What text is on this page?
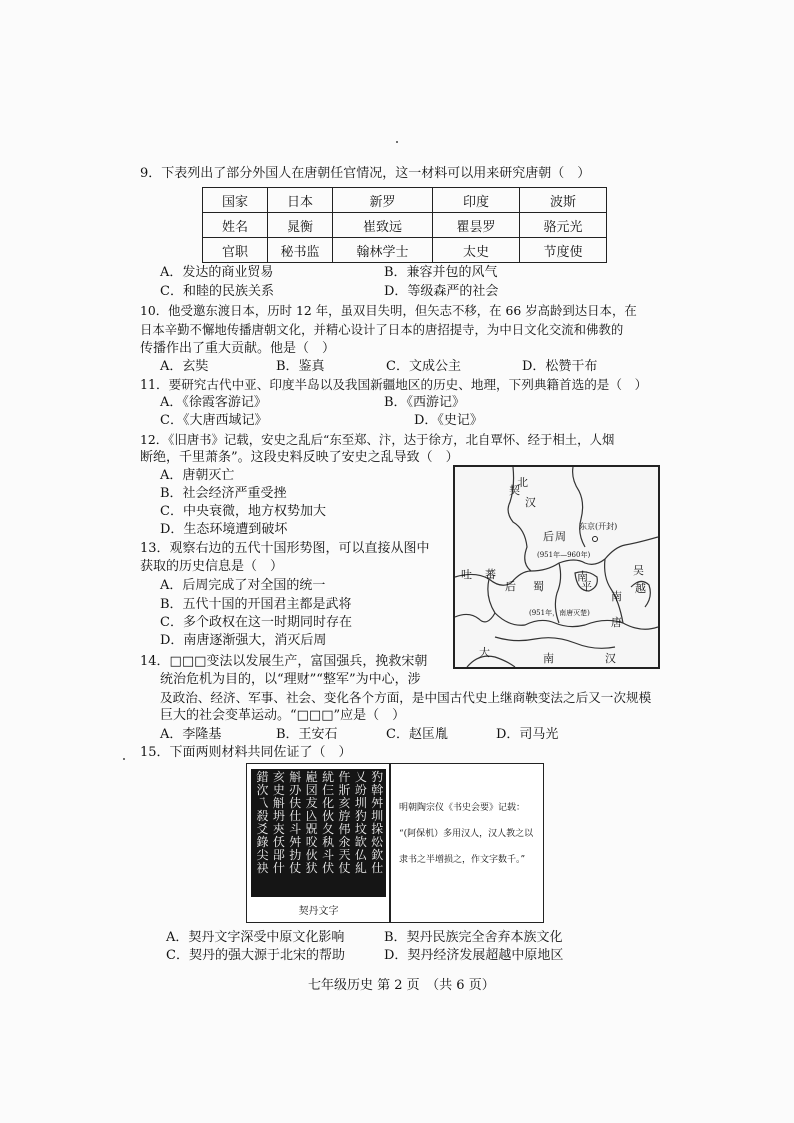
9．下表列出了部分外国人在唐朝任官情况，这一材料可以用来研究唐朝（　）
国家	日本	新罗	印度	波斯
姓名	晁衡	崔致远	瞿昙罗	骆元光
官职	秘书监	翰林学士	太史	节度使
A．发达的商业贸易	B．兼容并包的风气
C．和睦的民族关系	D．等级森严的社会
10．他受邀东渡日本，历时 12 年，虽双目失明，但矢志不移，在 66 岁高龄到达日本，在
日本辛勤不懈地传播唐朝文化，并精心设计了日本的唐招提寺，为中日文化交流和佛教的
传播作出了重大贡献。他是（　）
A．玄奘	B．鉴真	C．文成公主	D．松赞干布
11．要研究古代中亚、印度半岛以及我国新疆地区的历史、地理，下列典籍首选的是（　）
A．《徐霞客游记》	B．《西游记》
C．《大唐西域记》	D．《史记》
12．《旧唐书》记载，安史之乱后“东至郑、汴，达于徐方，北自覃怀、经于相土，人烟
断绝，千里萧条”。这段史料反映了安史之乱导致（　）
A．唐朝灭亡
B．社会经济严重受挫
C．中央衰微，地方权势加大
D．生态环境遭到破坏
13．观察右边的五代十国形势图，可以直接从图中
获取的历史信息是（　）
A．后周完成了对全国的统一
B．五代十国的开国君主都是武将
C．多个政权在这一时期同时存在
D．南唐逐渐强大，消灭后周
北
汉
契
东京(开封)
后 周
(951年—960年)
吐 蕃
后 蜀
南
平
吴
越
南
唐
(951年，南唐灭楚)
大	南	汉
14．□□□变法以发展生产，富国强兵，挽救宋朝
统治危机为目的，以“理财”“整军”为中心，涉
及政治、经济、军事、社会、变化各个方面，是中国古代史上继商鞅变法之后又一次规模
巨大的社会变革运动。“□□□”应是（　）
A．李隆基	B．王安石	C．赵匡胤	D．司马光
15．下面两则材料共同佐证了（　）
錯㳄乁殺爻錄尖袂
亥史斛坍㚒仸郘什
斛刅伕仕斗舛扐仗
嶏㘝犮兦㒭㕮伙犾
紌仨化伙夂秇斗伏
仵斨亥斿伄氽兲仗
乂竕圳犳坟缼仏糺
犳斡舛圳挆炂欽仕
契丹文字
明朝陶宗仪《书史会要》记载：
“(阿保机）多用汉人，汉人教之以
隶书之半增损之，作文字数千。”
A．契丹文字深受中原文化影响	B．契丹民族完全舍弃本族文化
C．契丹的强大源于北宋的帮助	D．契丹经济发展超越中原地区
七年级历史 第 2 页　（共 6 页）
